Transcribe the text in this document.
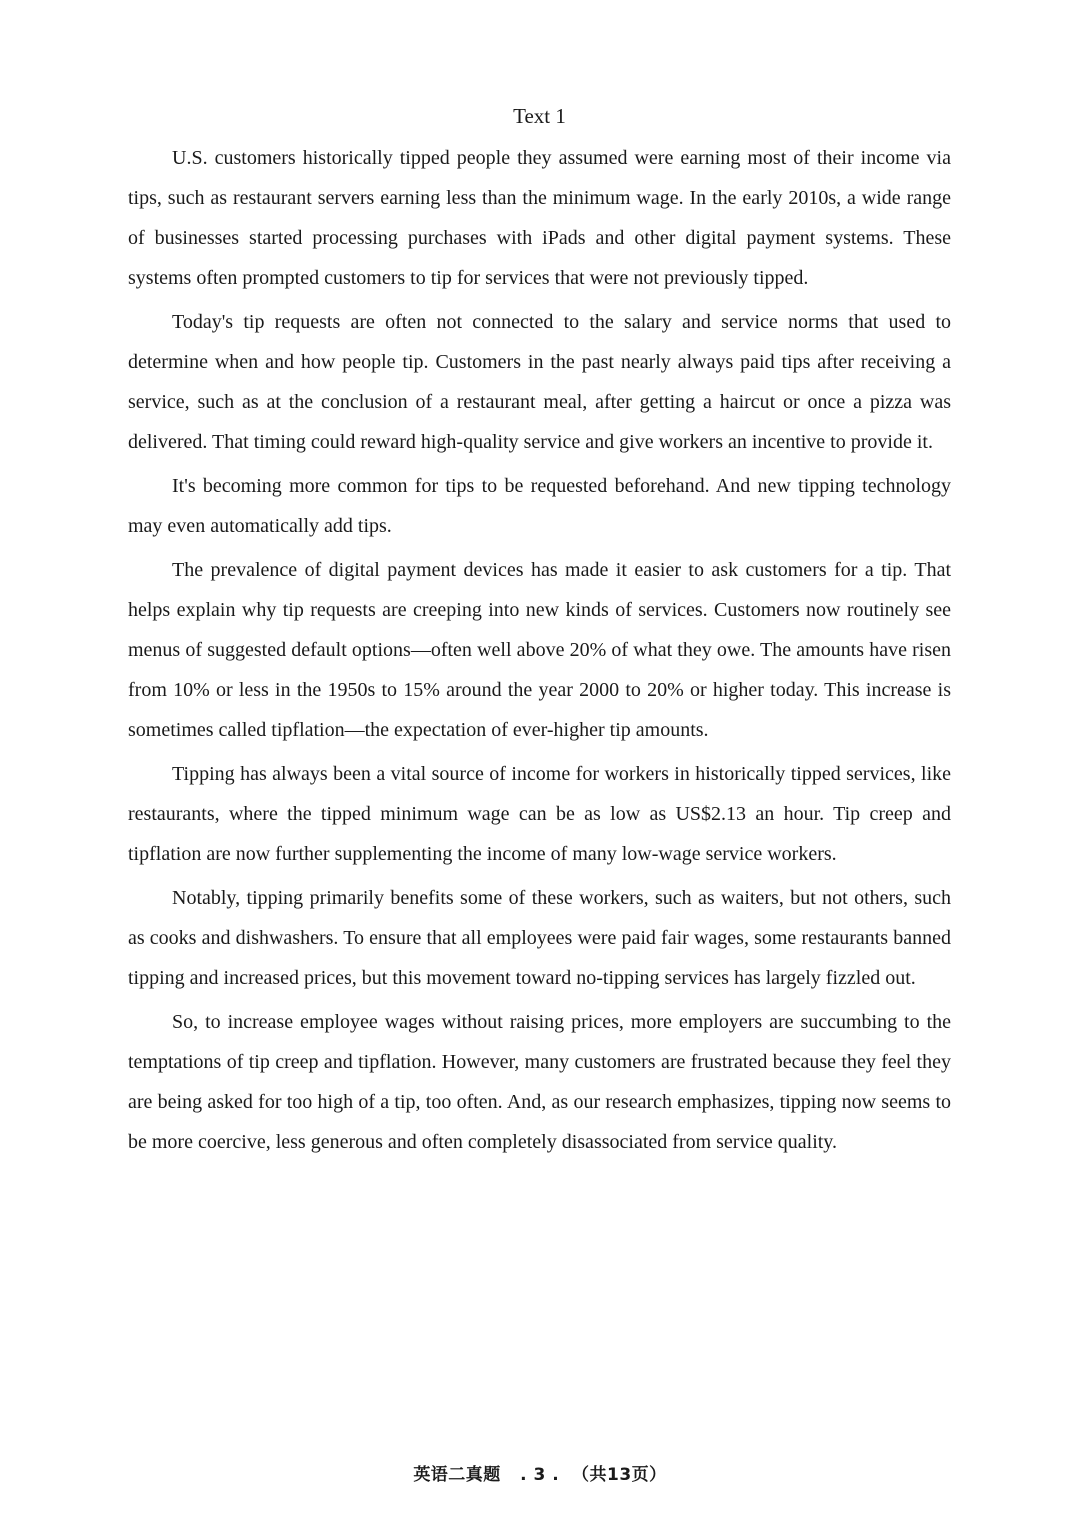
Text 1

U.S. customers historically tipped people they assumed were earning most of their income via tips, such as restaurant servers earning less than the minimum wage. In the early 2010s, a wide range of businesses started processing purchases with iPads and other digital payment systems. These systems often prompted customers to tip for services that were not previously tipped.

Today's tip requests are often not connected to the salary and service norms that used to determine when and how people tip. Customers in the past nearly always paid tips after receiving a service, such as at the conclusion of a restaurant meal, after getting a haircut or once a pizza was delivered. That timing could reward high-quality service and give workers an incentive to provide it.

It's becoming more common for tips to be requested beforehand. And new tipping technology may even automatically add tips.

The prevalence of digital payment devices has made it easier to ask customers for a tip. That helps explain why tip requests are creeping into new kinds of services. Customers now routinely see menus of suggested default options—often well above 20% of what they owe. The amounts have risen from 10% or less in the 1950s to 15% around the year 2000 to 20% or higher today. This increase is sometimes called tipflation—the expectation of ever-higher tip amounts.

Tipping has always been a vital source of income for workers in historically tipped services, like restaurants, where the tipped minimum wage can be as low as US$2.13 an hour. Tip creep and tipflation are now further supplementing the income of many low-wage service workers.

Notably, tipping primarily benefits some of these workers, such as waiters, but not others, such as cooks and dishwashers. To ensure that all employees were paid fair wages, some restaurants banned tipping and increased prices, but this movement toward no-tipping services has largely fizzled out.

So, to increase employee wages without raising prices, more employers are succumbing to the temptations of tip creep and tipflation. However, many customers are frustrated because they feel they are being asked for too high of a tip, too often. And, as our research emphasizes, tipping now seems to be more coercive, less generous and often completely disassociated from service quality.

英语二真题 . 3 . （共13页）
